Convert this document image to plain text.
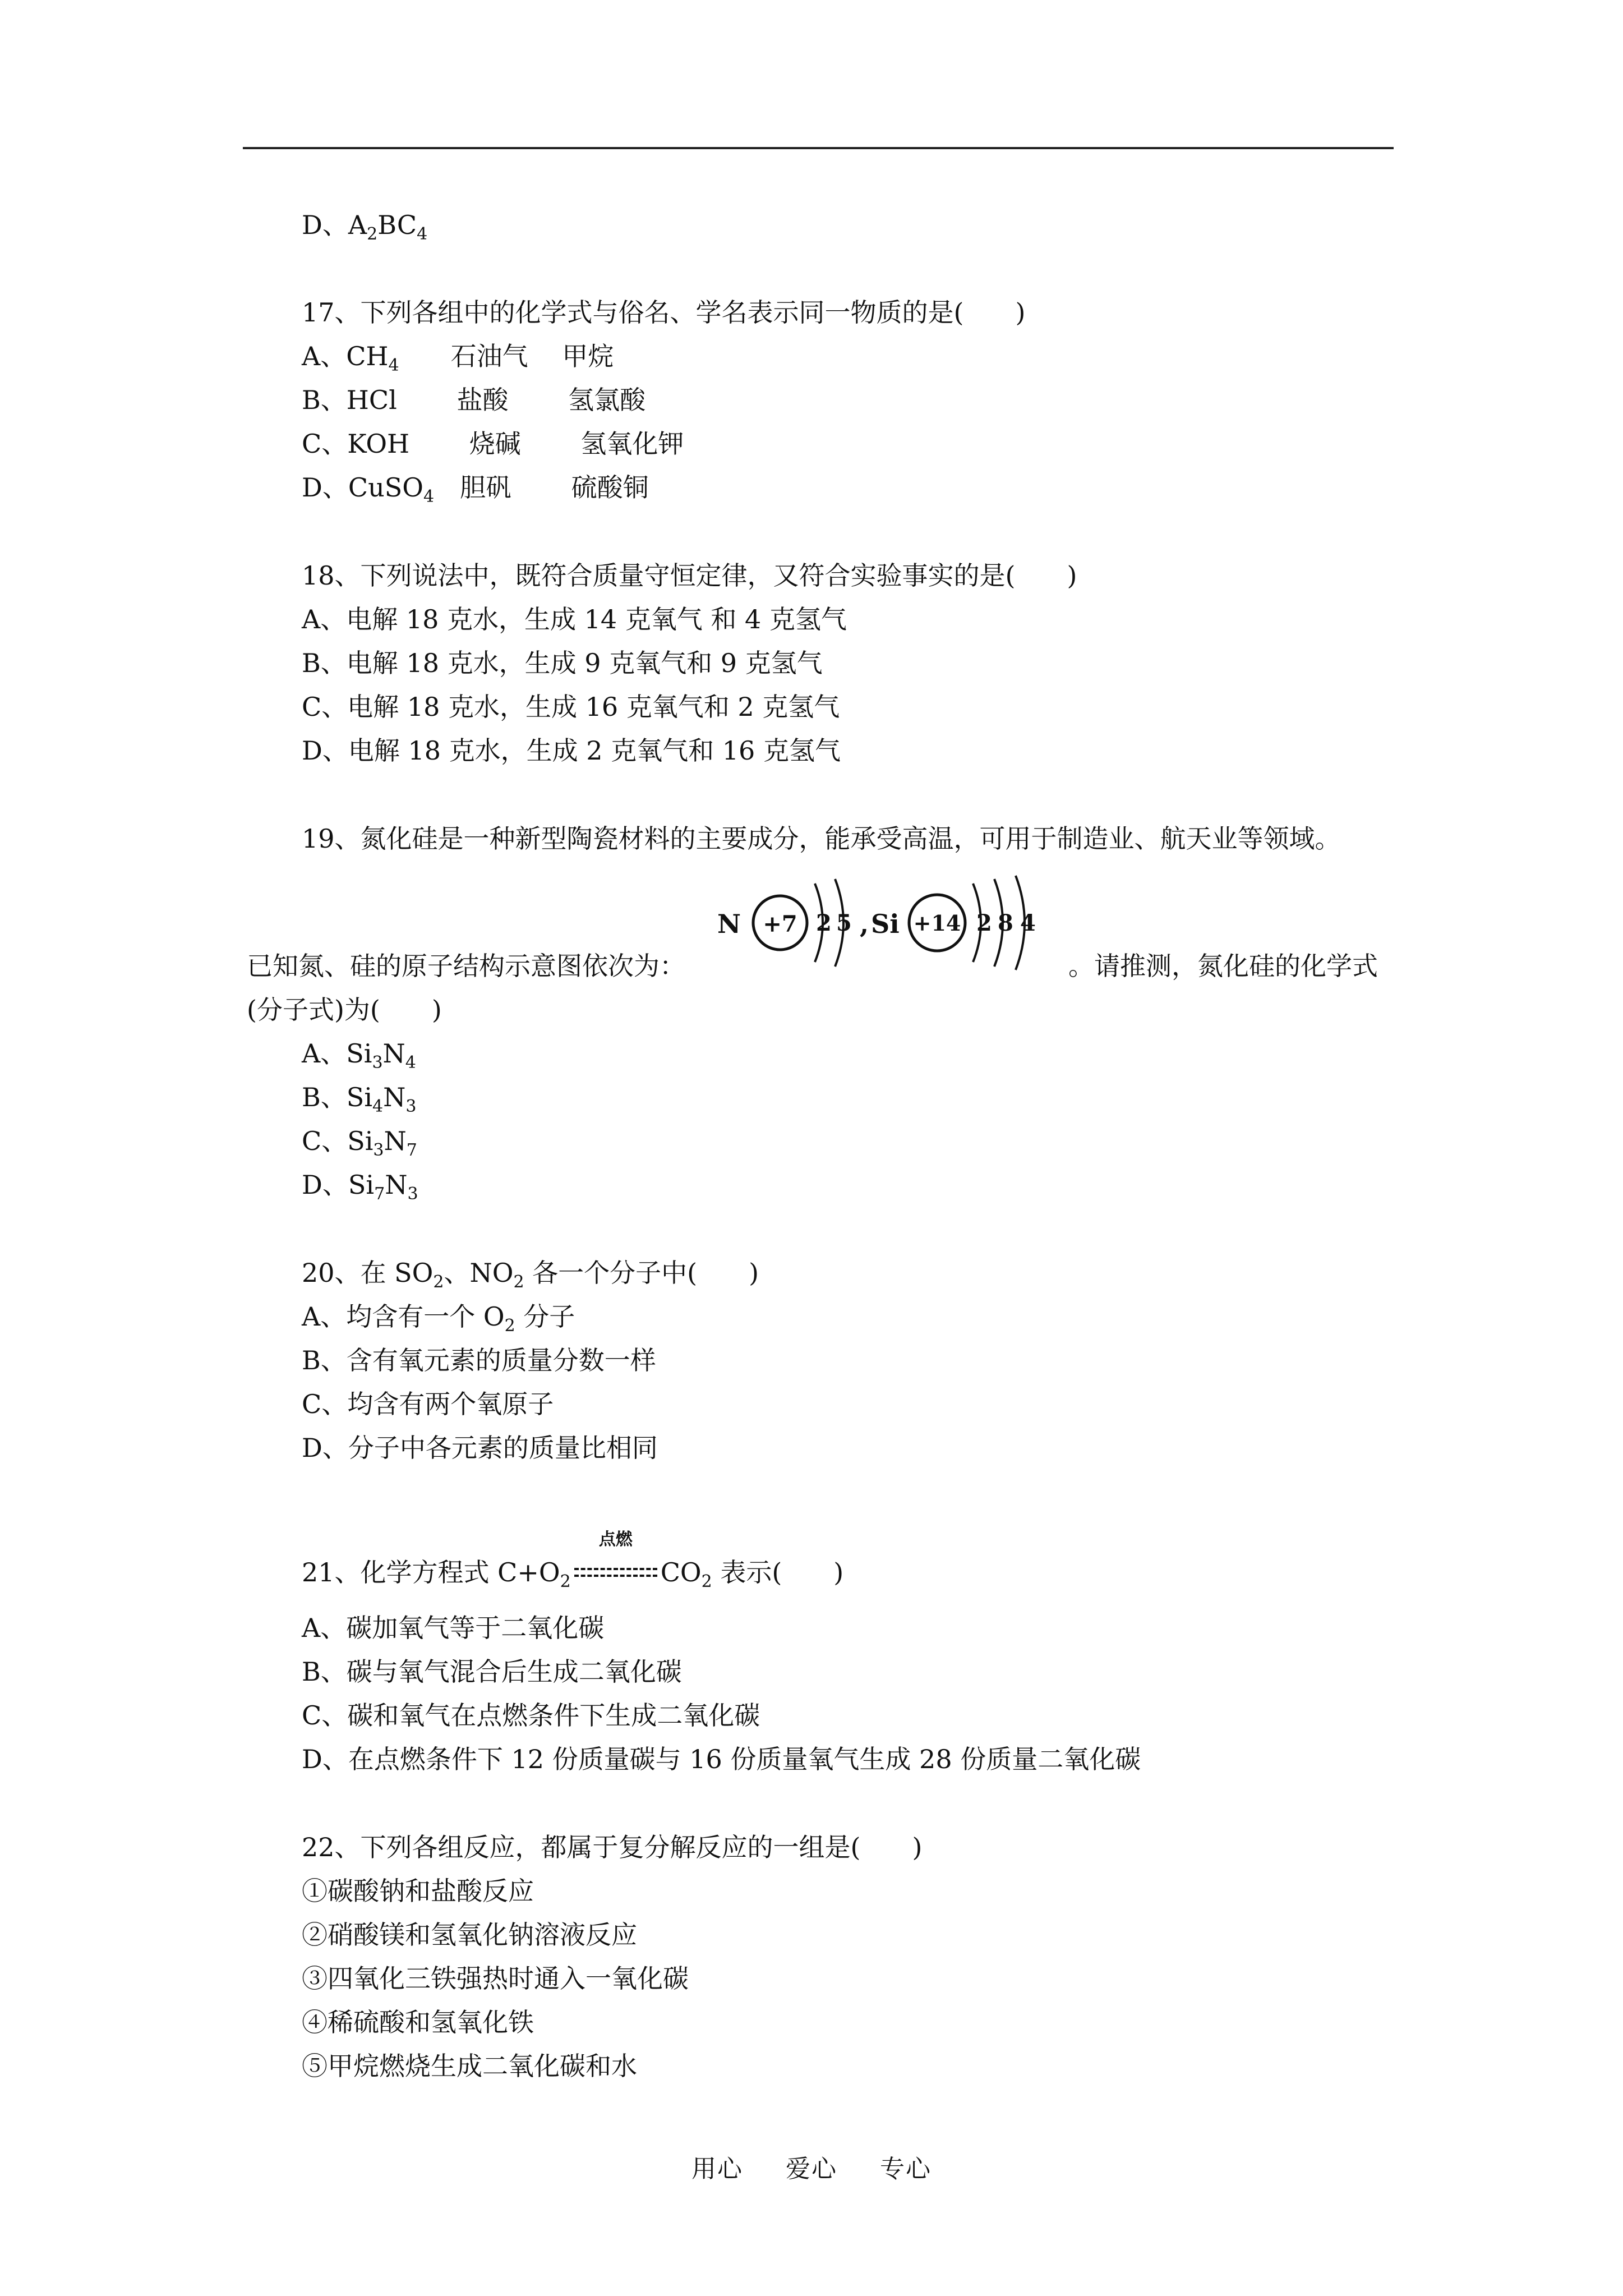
D、$A_2BC_4$
17、下列各组中的化学式与俗名、学名表示同一物质的是(　　)
A、$CH_4$　　石油气　 甲烷
B、HCl　　 盐酸　　 氢氯酸
C、KOH　　 烧碱　　 氢氧化钾
D、CuSO$_4$　胆矾　　 硫酸铜
18、下列说法中，既符合质量守恒定律，又符合实验事实的是(　　)
A、电解 18 克水，生成 14 克氧气 和 4 克氢气
B、电解 18 克水，生成 9 克氧气和 9 克氢气
C、电解 18 克水，生成 16 克氧气和 2 克氢气
D、电解 18 克水，生成 2 克氧气和 16 克氢气
19、氮化硅是一种新型陶瓷材料的主要成分，能承受高温，可用于制造业、航天业等领域。
已知氮、硅的原子结构示意图依次为：	。请推测，氮化硅的化学式
(分子式)为(　　)
N +7 2 5 , Si +14 2 8 4
A、$Si_3N_4$
B、$Si_4N_3$
C、$Si_3N_7$
D、$Si_7N_3$
20、在 $SO_2$、$NO_2$ 各一个分子中(　　)
A、均含有一个 $O_2$ 分子
B、含有氧元素的质量分数一样
C、均含有两个氧原子
D、分子中各元素的质量比相同
21、化学方程式 $C+O_2$
点燃
$CO_2$ 表示(　　)
A、碳加氧气等于二氧化碳
B、碳与氧气混合后生成二氧化碳
C、碳和氧气在点燃条件下生成二氧化碳
D、在点燃条件下 12 份质量碳与 16 份质量氧气生成 28 份质量二氧化碳
22、下列各组反应，都属于复分解反应的一组是(　　)
①碳酸钠和盐酸反应
②硝酸镁和氢氧化钠溶液反应
③四氧化三铁强热时通入一氧化碳
④稀硫酸和氢氧化铁
⑤甲烷燃烧生成二氧化碳和水
用心 爱心 专心
